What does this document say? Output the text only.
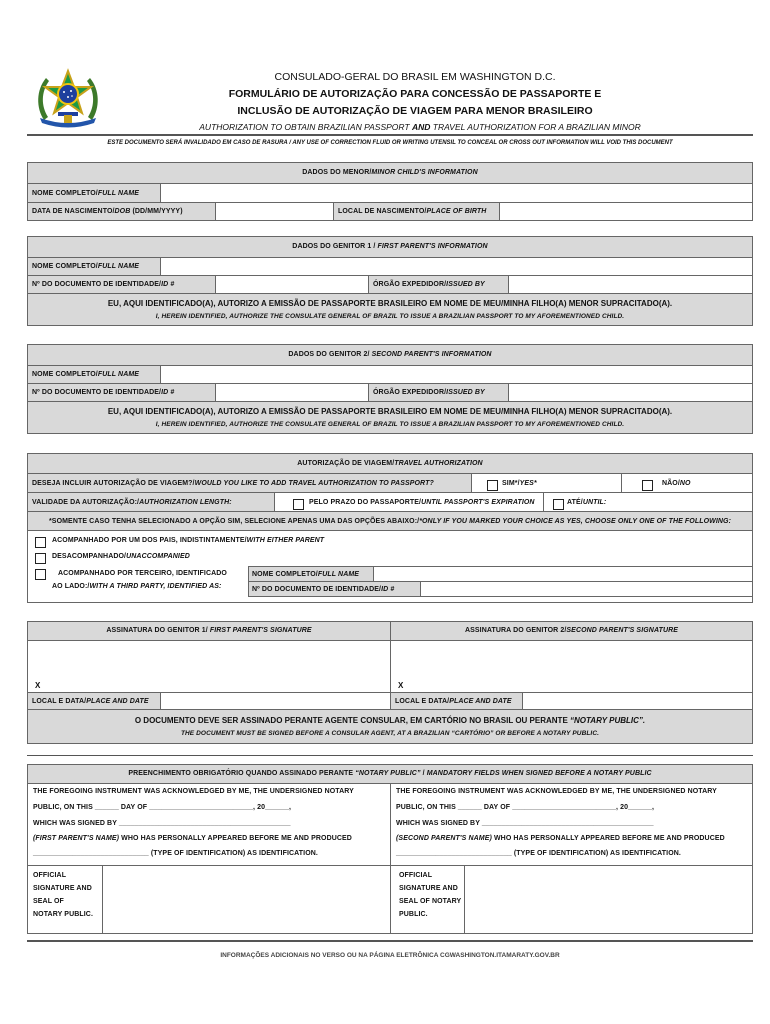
CONSULADO-GERAL DO BRASIL EM WASHINGTON D.C.
FORMULÁRIO DE AUTORIZAÇÃO PARA CONCESSÃO DE PASSAPORTE E
INCLUSÃO DE AUTORIZAÇÃO DE VIAGEM PARA MENOR BRASILEIRO
AUTHORIZATION TO OBTAIN BRAZILIAN PASSPORT AND TRAVEL AUTHORIZATION FOR A BRAZILIAN MINOR
ESTE DOCUMENTO SERÁ INVALIDADO EM CASO DE RASURA / ANY USE OF CORRECTION FLUID OR WRITING UTENSIL TO CONCEAL OR CROSS OUT INFORMATION WILL VOID THIS DOCUMENT
DADOS DO MENOR/MINOR CHILD'S INFORMATION
NOME COMPLETO/FULL NAME
DATA DE NASCIMENTO/DOB (DD/MM/YYYY)	LOCAL DE NASCIMENTO/PLACE OF BIRTH
DADOS DO GENITOR 1 / FIRST PARENT'S INFORMATION
NOME COMPLETO/FULL NAME
Nº DO DOCUMENTO DE IDENTIDADE/ID #	ÓRGÃO EXPEDIDOR/ISSUED BY
EU, AQUI IDENTIFICADO(A), AUTORIZO A EMISSÃO DE PASSAPORTE BRASILEIRO EM NOME DE MEU/MINHA FILHO(A) MENOR SUPRACITADO(A).
I, HEREIN IDENTIFIED, AUTHORIZE THE CONSULATE GENERAL OF BRAZIL TO ISSUE A BRAZILIAN PASSPORT TO MY AFOREMENTIONED CHILD.
DADOS DO GENITOR 2/ SECOND PARENT'S INFORMATION
NOME COMPLETO/FULL NAME
Nº DO DOCUMENTO DE IDENTIDADE/ID #	ÓRGÃO EXPEDIDOR/ISSUED BY
EU, AQUI IDENTIFICADO(A), AUTORIZO A EMISSÃO DE PASSAPORTE BRASILEIRO EM NOME DE MEU/MINHA FILHO(A) MENOR SUPRACITADO(A).
I, HEREIN IDENTIFIED, AUTHORIZE THE CONSULATE GENERAL OF BRAZIL TO ISSUE A BRAZILIAN PASSPORT TO MY AFOREMENTIONED CHILD.
AUTORIZAÇÃO DE VIAGEM/TRAVEL AUTHORIZATION
DESEJA INCLUIR AUTORIZAÇÃO DE VIAGEM?/WOULD YOU LIKE TO ADD TRAVEL AUTHORIZATION TO PASSPORT?	SIM*/YES*	NÃO/NO
VALIDADE DA AUTORIZAÇÃO:/AUTHORIZATION LENGTH:	PELO PRAZO DO PASSAPORTE/UNTIL PASSPORT'S EXPIRATION	ATÉ/UNTIL:
*SOMENTE CASO TENHA SELECIONADO A OPÇÃO SIM, SELECIONE APENAS UMA DAS OPÇÕES ABAIXO:/*ONLY IF YOU MARKED YOUR CHOICE AS YES, CHOOSE ONLY ONE OF THE FOLLOWING:
ACOMPANHADO POR UM DOS PAIS, INDISTINTAMENTE/WITH EITHER PARENT
DESACOMPANHADO/UNACCOMPANIED
ACOMPANHADO POR TERCEIRO, IDENTIFICADO
AO LADO:/WITH A THIRD PARTY, IDENTIFIED AS:
NOME COMPLETO/FULL NAME
Nº DO DOCUMENTO DE IDENTIDADE/ID #
ASSINATURA DO GENITOR 1/ FIRST PARENT'S SIGNATURE	ASSINATURA DO GENITOR 2/SECOND PARENT'S SIGNATURE
X	X
LOCAL E DATA/PLACE AND DATE	LOCAL E DATA/PLACE AND DATE
O DOCUMENTO DEVE SER ASSINADO PERANTE AGENTE CONSULAR, EM CARTÓRIO NO BRASIL OU PERANTE “NOTARY PUBLIC”.
THE DOCUMENT MUST BE SIGNED BEFORE A CONSULAR AGENT, AT A BRAZILIAN “CARTÓRIO” OR BEFORE A NOTARY PUBLIC.
PREENCHIMENTO OBRIGATÓRIO QUANDO ASSINADO PERANTE “NOTARY PUBLIC” / MANDATORY FIELDS WHEN SIGNED BEFORE A NOTARY PUBLIC
THE FOREGOING INSTRUMENT WAS ACKNOWLEDGED BY ME, THE UNDERSIGNED NOTARY
PUBLIC, ON THIS ______ DAY OF __________________________, 20______,
WHICH WAS SIGNED BY ___________________________________________
(FIRST PARENT'S NAME) WHO HAS PERSONALLY APPEARED BEFORE ME AND PRODUCED
_____________________________ (TYPE OF IDENTIFICATION) AS IDENTIFICATION.
THE FOREGOING INSTRUMENT WAS ACKNOWLEDGED BY ME, THE UNDERSIGNED NOTARY
PUBLIC, ON THIS ______ DAY OF __________________________, 20______,
WHICH WAS SIGNED BY ___________________________________________
(SECOND PARENT'S NAME) WHO HAS PERSONALLY APPEARED BEFORE ME AND PRODUCED
_____________________________ (TYPE OF IDENTIFICATION) AS IDENTIFICATION.
OFFICIAL
SIGNATURE AND
SEAL OF
NOTARY PUBLIC.
OFFICIAL
SIGNATURE AND
SEAL OF NOTARY
PUBLIC.
INFORMAÇÕES ADICIONAIS NO VERSO OU NA PÁGINA ELETRÔNICA CGWASHINGTON.ITAMARATY.GOV.BR
